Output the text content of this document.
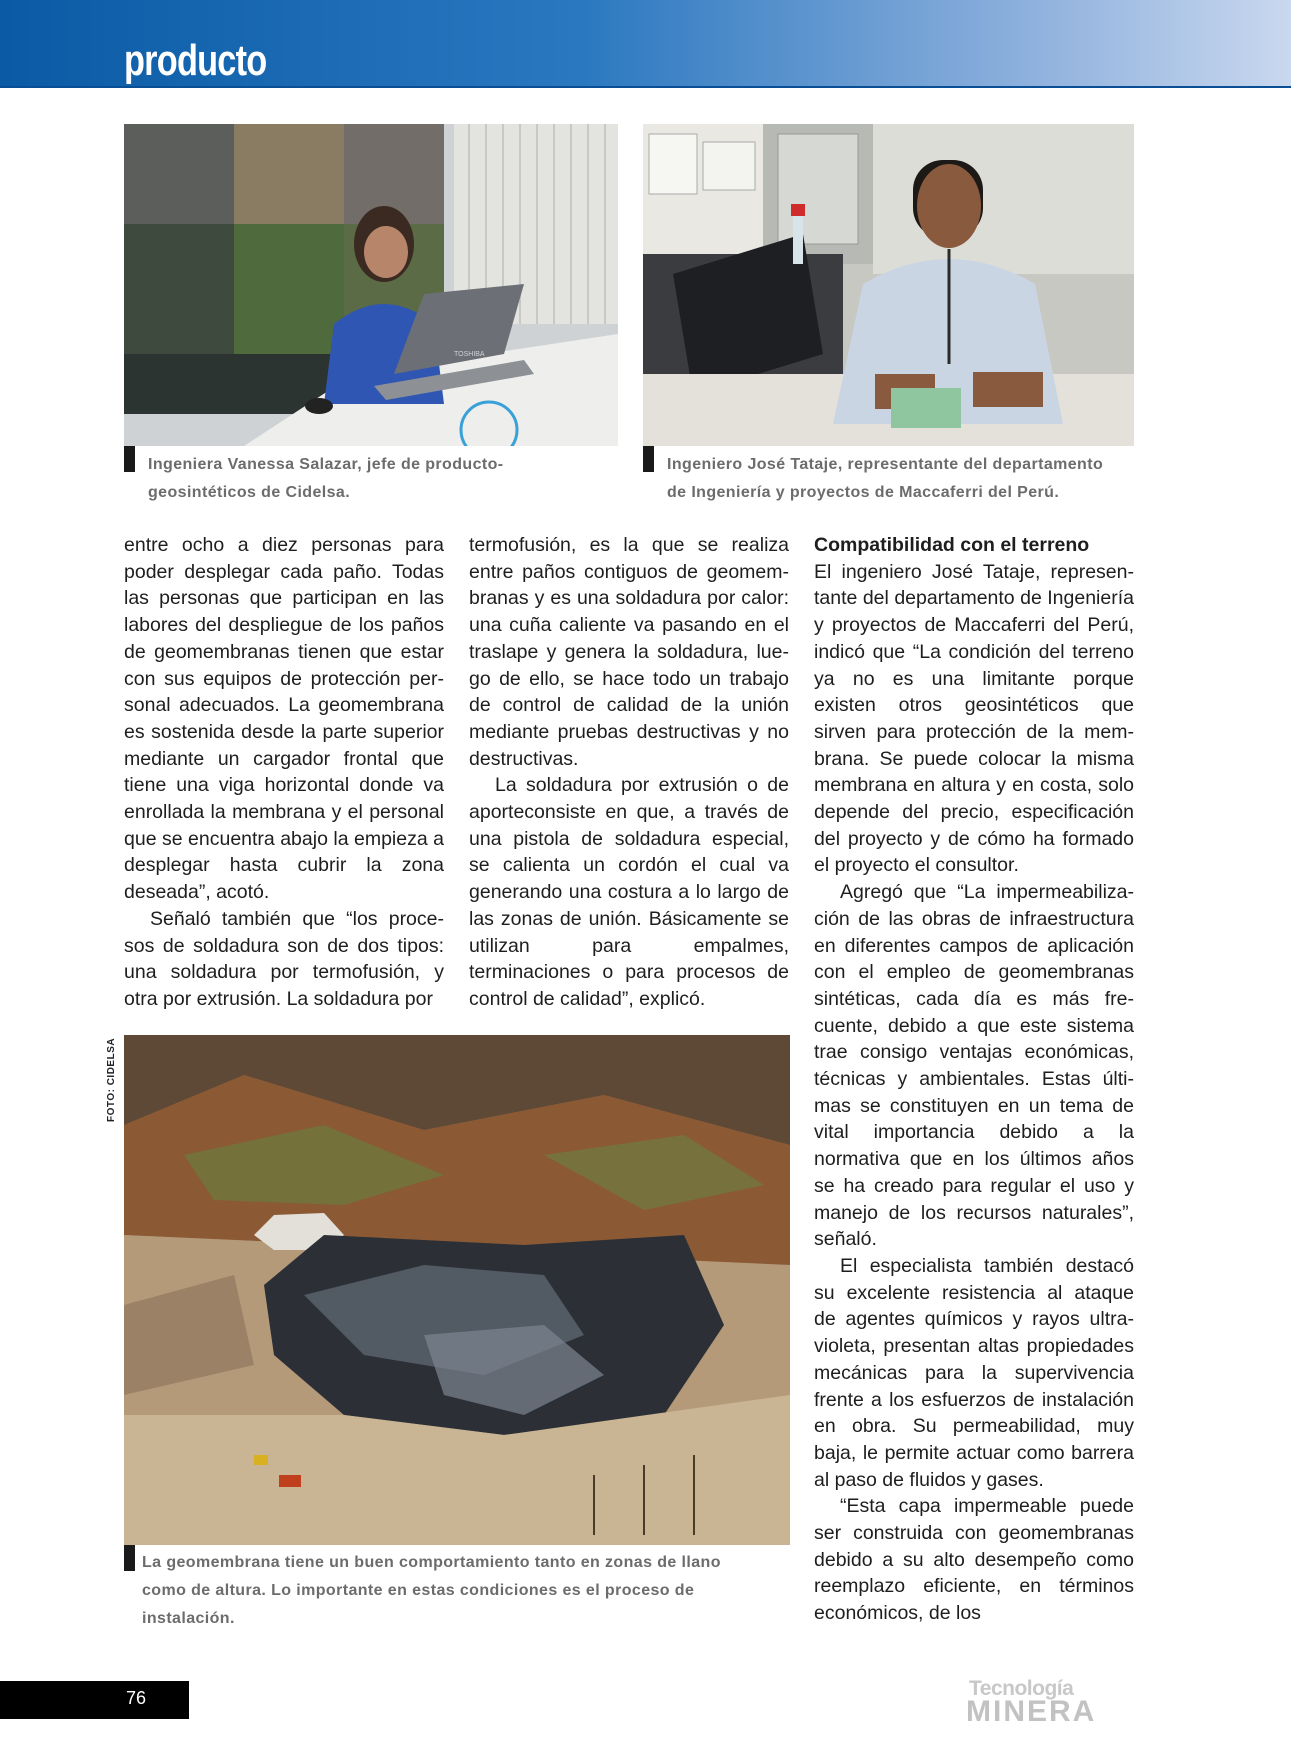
producto
TOSHIBA
Ingeniera Vanessa Salazar, jefe de producto-
geosintéticos de Cidelsa.
Ingeniero José Tataje, representante del departamento
de Ingeniería y proyectos de Maccaferri del Perú.

entre ocho a diez personas para poder desplegar cada paño. Todas las personas que participan en las labores del despliegue de los paños de geomembranas tienen que estar con sus equipos de protección personal adecuados. La geomembrana es sostenida desde la parte superior mediante un cargador frontal que tiene una viga horizontal donde va enrollada la membrana y el personal que se encuentra abajo la empieza a desplegar hasta cubrir la zona deseada”, acotó.

Señaló también que “los procesos de soldadura son de dos tipos: una soldadura por termofusión, y otra por extrusión. La soldadura por

termofusión, es la que se realiza entre paños contiguos de geomembranas y es una soldadura por calor: una cuña caliente va pasando en el traslape y genera la soldadura, luego de ello, se hace todo un trabajo de control de calidad de la unión mediante pruebas destructivas y no destructivas.

La soldadura por extrusión o de aporteconsiste en que, a través de una pistola de soldadura especial, se calienta un cordón el cual va generando una costura a lo largo de las zonas de unión. Básicamente se utilizan para empalmes, terminaciones o para procesos de control de calidad”, explicó.

Compatibilidad con el terreno

El ingeniero José Tataje, representante del departamento de Ingeniería y proyectos de Maccaferri del Perú, indicó que “La condición del terreno ya no es una limitante porque existen otros geosintéticos que sirven para protección de la membrana. Se puede colocar la misma membrana en altura y en costa, solo depende del precio, especificación del proyecto y de cómo ha formado el proyecto el consultor.

Agregó que “La impermeabilización de las obras de infraestructura en diferentes campos de aplicación con el empleo de geomembranas sintéticas, cada día es más frecuente, debido a que este sistema trae consigo ventajas económicas, técnicas y ambientales. Estas últimas se constituyen en un tema de vital importancia debido a la normativa que en los últimos años se ha creado para regular el uso y manejo de los recursos naturales”, señaló.

El especialista también destacó su excelente resistencia al ataque de agentes químicos y rayos ultravioleta, presentan altas propiedades mecánicas para la supervivencia frente a los esfuerzos de instalación en obra. Su permeabilidad, muy baja, le permite actuar como barrera al paso de fluidos y gases.

“Esta capa impermeable puede ser construida con geomembranas debido a su alto desempeño como reemplazo eficiente, en términos económicos, de los

FOTO: CIDELSA
La geomembrana tiene un buen comportamiento tanto en zonas de llano
como de altura. Lo importante en estas condiciones es el proceso de
instalación.
76	Tecnología
MINERA
